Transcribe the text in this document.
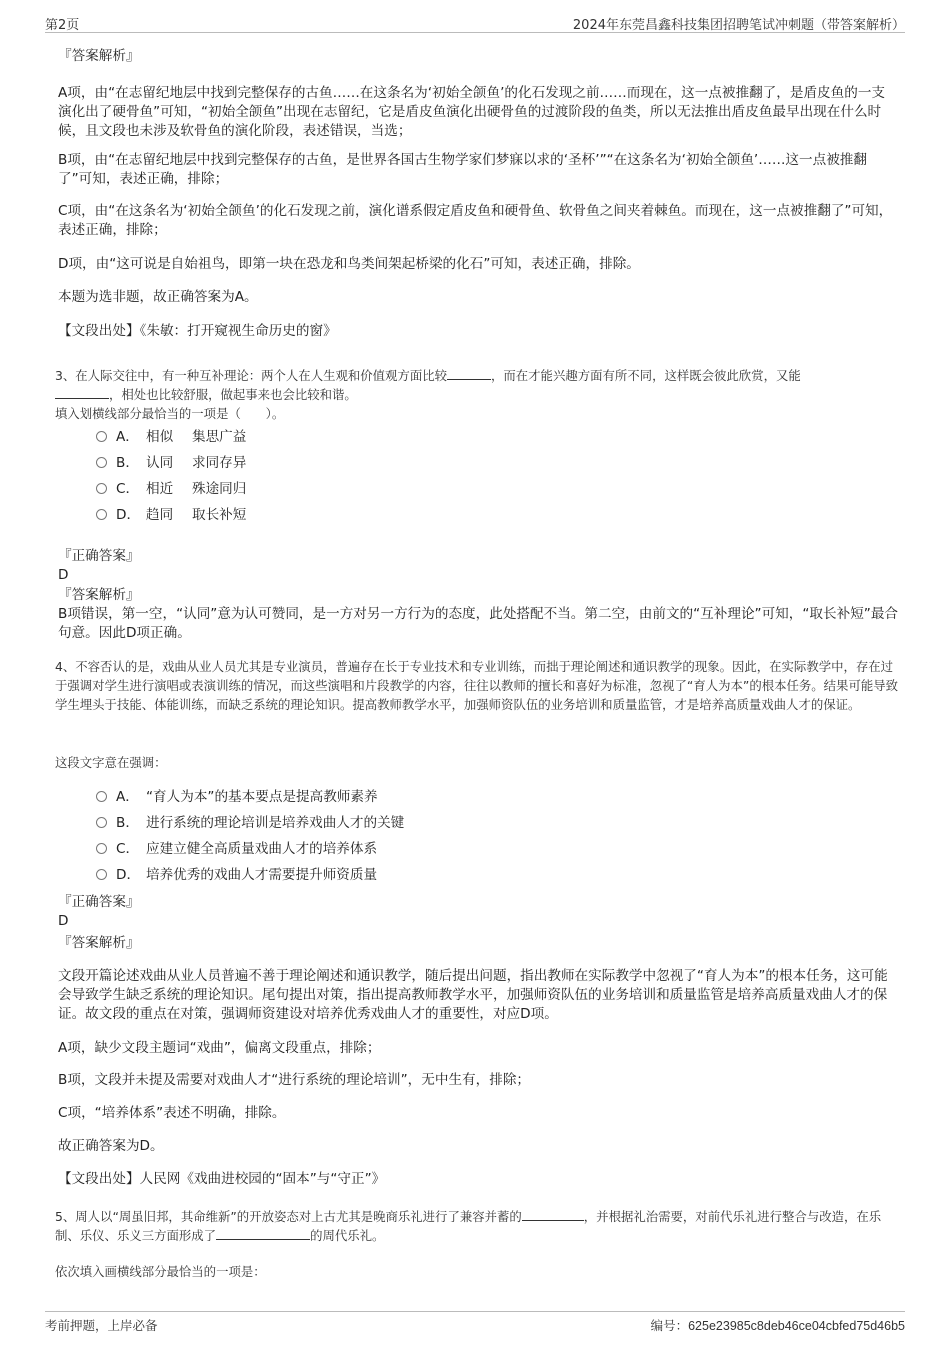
第2页	2024年东莞昌鑫科技集团招聘笔试冲刺题（带答案解析）
『答案解析』
A项，由“在志留纪地层中找到完整保存的古鱼……在这条名为‘初始全颌鱼’的化石发现之前……而现在，这一点被推翻了，是盾皮鱼的一支演化出了硬骨鱼”可知，“初始全颌鱼”出现在志留纪，它是盾皮鱼演化出硬骨鱼的过渡阶段的鱼类，所以无法推出盾皮鱼最早出现在什么时候，且文段也未涉及软骨鱼的演化阶段，表述错误，当选；
B项，由“在志留纪地层中找到完整保存的古鱼，是世界各国古生物学家们梦寐以求的‘圣杯’”“在这条名为‘初始全颌鱼’……这一点被推翻了”可知，表述正确，排除；
C项，由“在这条名为‘初始全颌鱼’的化石发现之前，演化谱系假定盾皮鱼和硬骨鱼、软骨鱼之间夹着棘鱼。而现在，这一点被推翻了”可知，表述正确，排除；
D项，由“这可说是自始祖鸟，即第一块在恐龙和鸟类间架起桥梁的化石”可知，表述正确，排除。
本题为选非题，故正确答案为A。
【文段出处】《朱敏：打开窥视生命历史的窗》
3、在人际交往中，有一种互补理论：两个人在人生观和价值观方面比较	，而在才能兴趣方面有所不同，这样既会彼此欣赏，又能
，相处也比较舒服，做起事来也会比较和谐。
填入划横线部分最恰当的一项是（　　）。
A． 相似 集思广益
B． 认同 求同存异
C． 相近 殊途同归
D． 趋同 取长补短
『正确答案』
D
『答案解析』
B项错误，第一空，“认同”意为认可赞同，是一方对另一方行为的态度，此处搭配不当。第二空，由前文的“互补理论”可知，“取长补短”最合句意。因此D项正确。
4、不容否认的是，戏曲从业人员尤其是专业演员，普遍存在长于专业技术和专业训练，而拙于理论阐述和通识教学的现象。因此，在实际教学中，存在过于强调对学生进行演唱或表演训练的情况，而这些演唱和片段教学的内容，往往以教师的擅长和喜好为标准，忽视了“育人为本”的根本任务。结果可能导致学生埋头于技能、体能训练，而缺乏系统的理论知识。提高教师教学水平，加强师资队伍的业务培训和质量监管，才是培养高质量戏曲人才的保证。
这段文字意在强调：
A． “育人为本”的基本要点是提高教师素养
B． 进行系统的理论培训是培养戏曲人才的关键
C． 应建立健全高质量戏曲人才的培养体系
D． 培养优秀的戏曲人才需要提升师资质量
『正确答案』
D
『答案解析』
文段开篇论述戏曲从业人员普遍不善于理论阐述和通识教学，随后提出问题，指出教师在实际教学中忽视了“育人为本”的根本任务，这可能会导致学生缺乏系统的理论知识。尾句提出对策，指出提高教师教学水平，加强师资队伍的业务培训和质量监管是培养高质量戏曲人才的保证。故文段的重点在对策，强调师资建设对培养优秀戏曲人才的重要性，对应D项。
A项，缺少文段主题词“戏曲”，偏离文段重点，排除；
B项，文段并未提及需要对戏曲人才“进行系统的理论培训”，无中生有，排除；
C项，“培养体系”表述不明确，排除。
故正确答案为D。
【文段出处】人民网《戏曲进校园的“固本”与“守正”》
5、周人以“周虽旧邦，其命维新”的开放姿态对上古尤其是晚商乐礼进行了兼容并蓄的	，并根据礼治需要，对前代乐礼进行整合与改造，在乐制、乐仪、乐义三方面形成了	的周代乐礼。
依次填入画横线部分最恰当的一项是：
考前押题，上岸必备	编号：625e23985c8deb46ce04cbfed75d46b5
